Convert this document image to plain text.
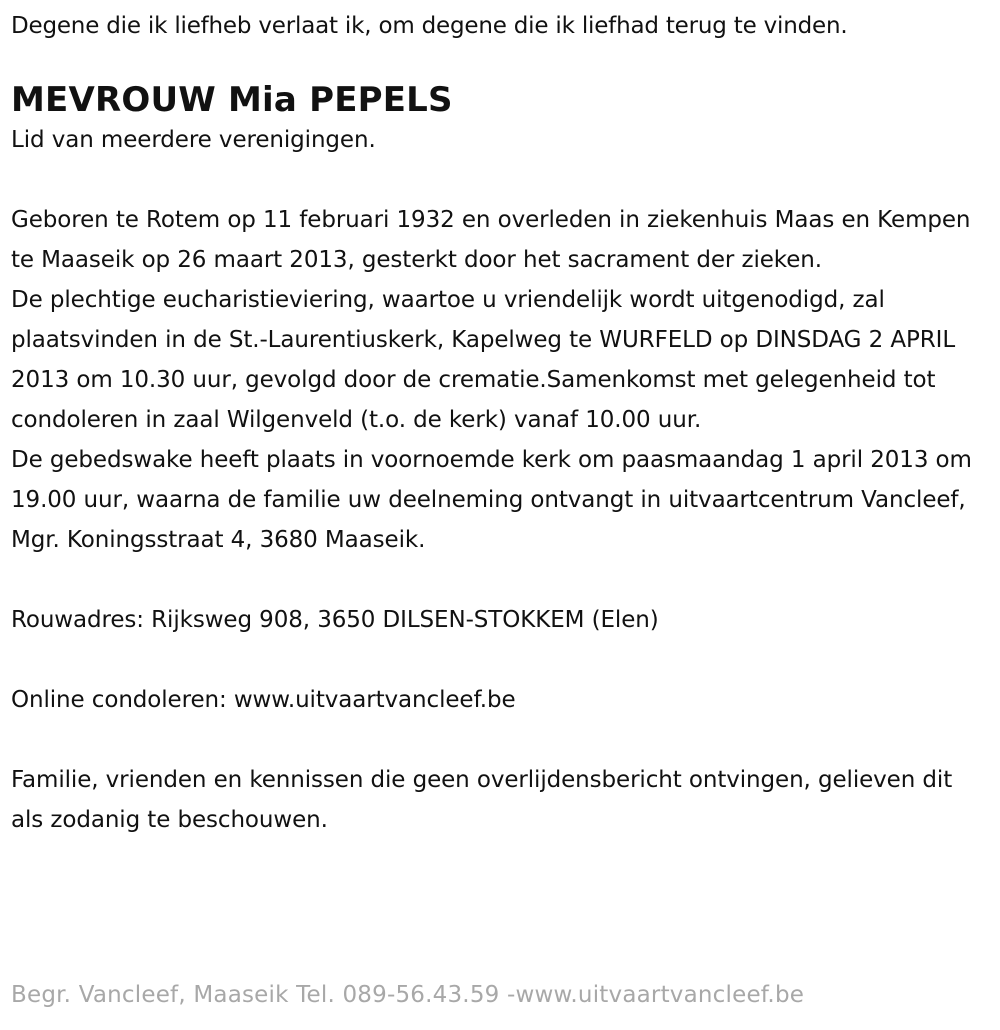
Degene die ik liefheb verlaat ik, om degene die ik liefhad terug te vinden.

MEVROUW Mia PEPELS

Lid van meerdere verenigingen.

Geboren te Rotem op 11 februari 1932 en overleden in ziekenhuis Maas en Kempen te Maaseik op 26 maart 2013, gesterkt door het sacrament der zieken.

De plechtige eucharistieviering, waartoe u vriendelijk wordt uitgenodigd, zal plaatsvinden in de St.-Laurentiuskerk, Kapelweg te WURFELD op DINSDAG 2 APRIL 2013 om 10.30 uur, gevolgd door de crematie.Samenkomst met gelegenheid tot condoleren in zaal Wilgenveld (t.o. de kerk) vanaf 10.00 uur.

De gebedswake heeft plaats in voornoemde kerk om paasmaandag 1 april 2013 om 19.00 uur, waarna de familie uw deelneming ontvangt in uitvaartcentrum Vancleef, Mgr. Koningsstraat 4, 3680 Maaseik.

Rouwadres: Rijksweg 908, 3650 DILSEN-STOKKEM (Elen)

Online condoleren: www.uitvaartvancleef.be

Familie, vrienden en kennissen die geen overlijdensbericht ontvingen, gelieven dit als zodanig te beschouwen.

Begr. Vancleef, Maaseik Tel. 089-56.43.59 -www.uitvaartvancleef.be
